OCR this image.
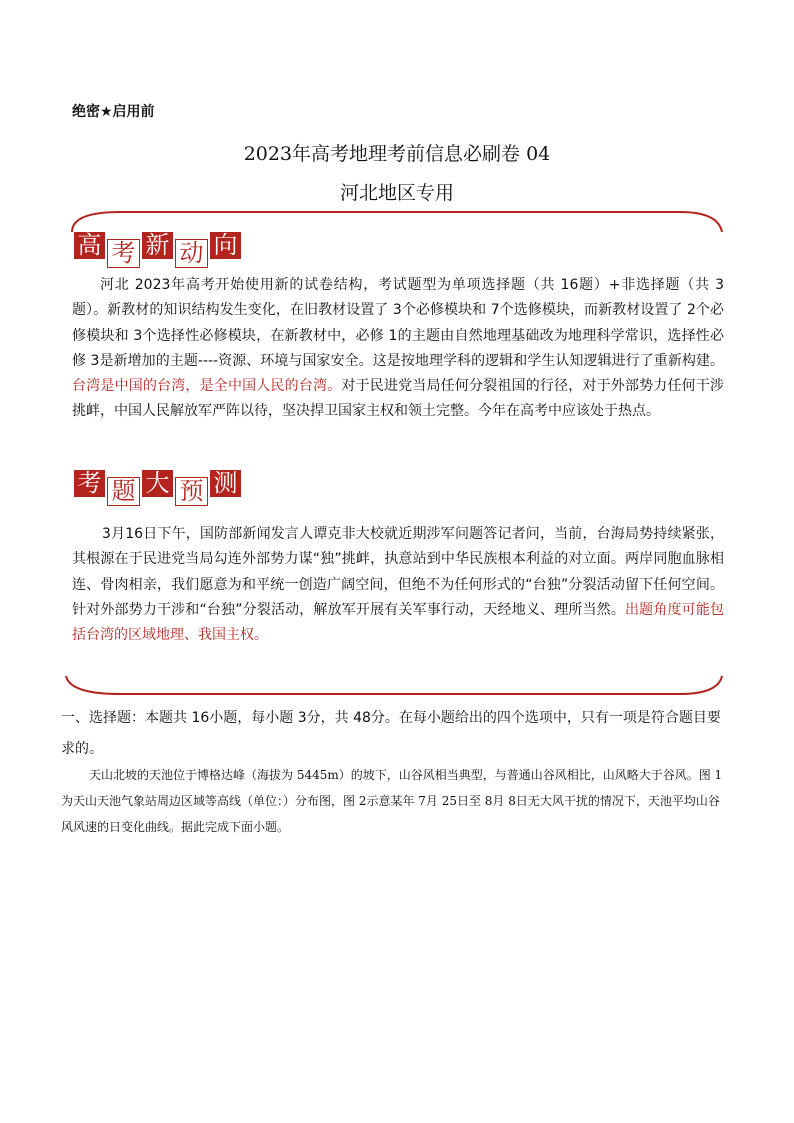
绝密★启用前
2023年高考地理考前信息必刷卷 04
河北地区专用
高 考 新 动 向
河北 2023年高考开始使用新的试卷结构，考试题型为单项选择题（共 16题）+非选择题（共 3题）。新教材的知识结构发生变化，在旧教材设置了 3个必修模块和 7个选修模块，而新教材设置了 2个必修模块和 3个选择性必修模块，在新教材中，必修 1的主题由自然地理基础改为地理科学常识，选择性必修 3是新增加的主题----资源、环境与国家安全。这是按地理学科的逻辑和学生认知逻辑进行了重新构建。台湾是中国的台湾，是全中国人民的台湾。对于民进党当局任何分裂祖国的行径，对于外部势力任何干涉挑衅，中国人民解放军严阵以待，坚决捍卫国家主权和领土完整。今年在高考中应该处于热点。
考 题 大 预 测
3月16日下午，国防部新闻发言人谭克非大校就近期涉军问题答记者问，当前，台海局势持续紧张，其根源在于民进党当局勾连外部势力谋“独”挑衅，执意站到中华民族根本利益的对立面。两岸同胞血脉相连、骨肉相亲，我们愿意为和平统一创造广阔空间，但绝不为任何形式的“台独”分裂活动留下任何空间。针对外部势力干涉和“台独”分裂活动，解放军开展有关军事行动，天经地义、理所当然。出题角度可能包括台湾的区域地理、我国主权。
一、选择题：本题共 16小题，每小题 3分，共 48分。在每小题给出的四个选项中，只有一项是符合题目要求的。
天山北坡的天池位于博格达峰（海拔为 5445m）的坡下，山谷风相当典型，与普通山谷风相比，山风略大于谷风。图 1为天山天池气象站周边区域等高线（单位：）分布图，图 2示意某年 7月 25日至 8月 8日无大风干扰的情况下，天池平均山谷风风速的日变化曲线。据此完成下面小题。
